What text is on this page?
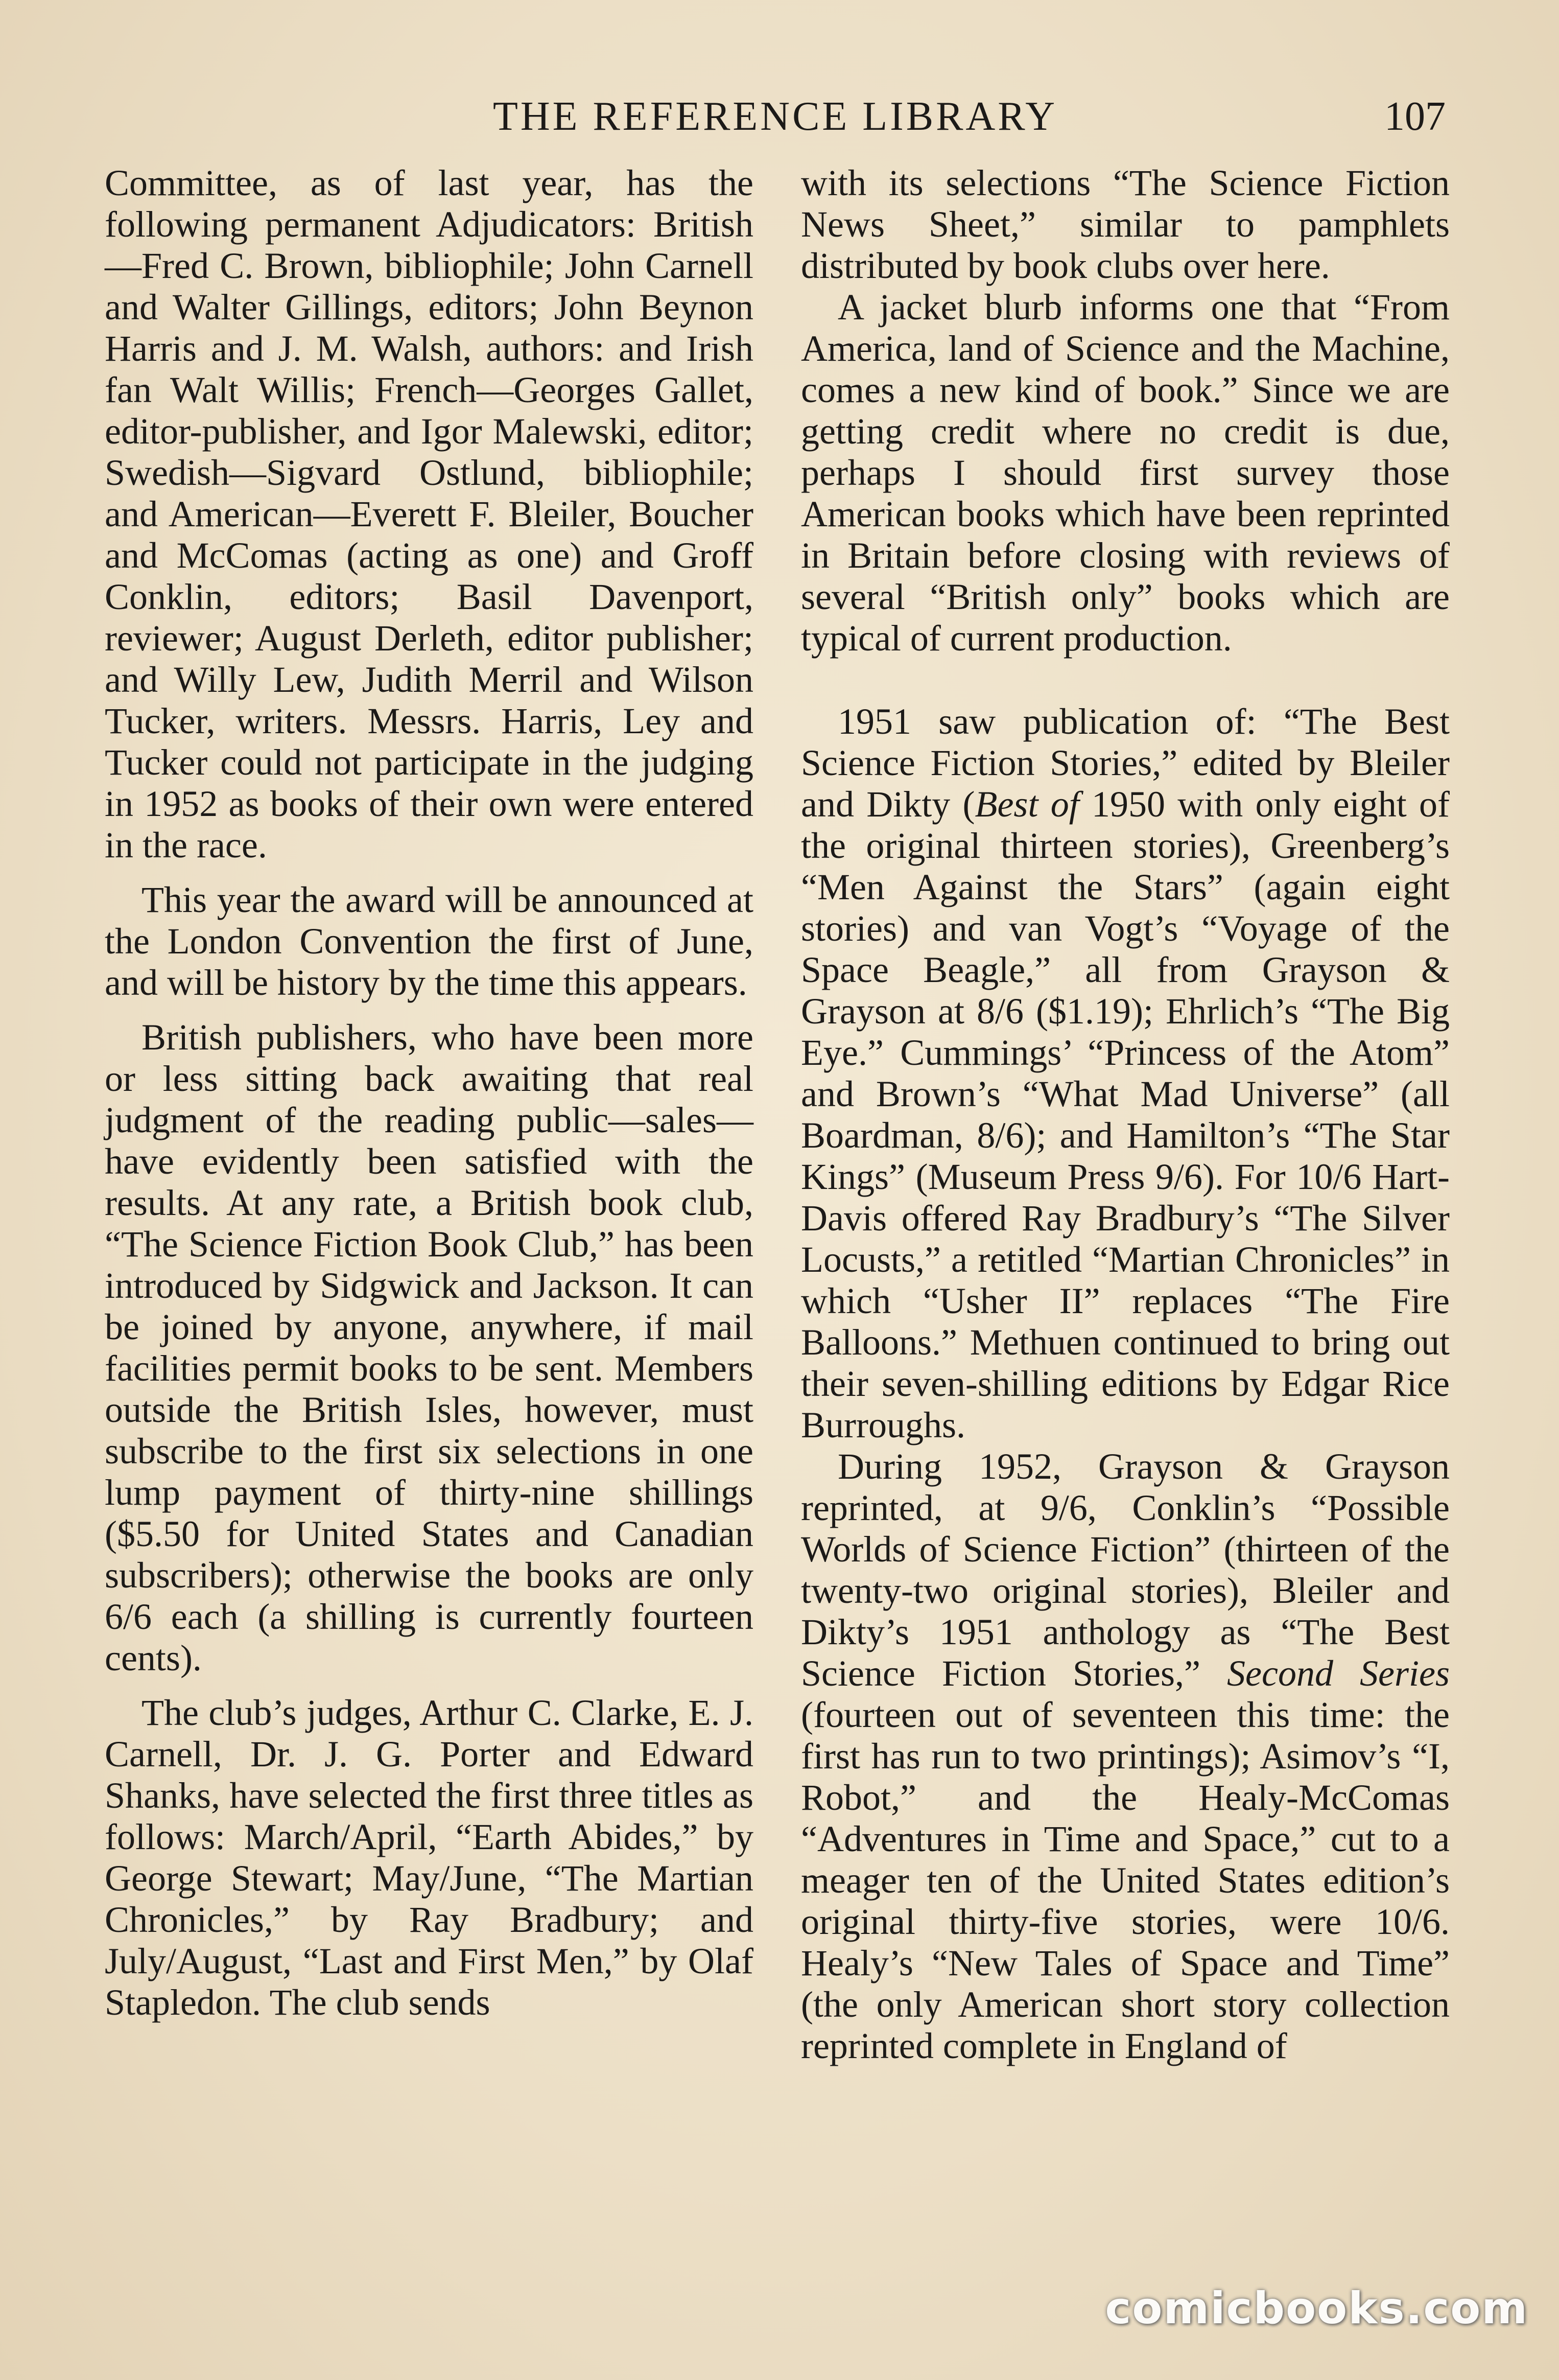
THE REFERENCE LIBRARY	107

Committee, as of last year, has the following permanent Adjudicators: British—Fred C. Brown, bibliophile; John Carnell and Walter Gillings, editors; John Beynon Harris and J. M. Walsh, authors: and Irish fan Walt Willis; French—Georges Gallet, editor-publisher, and Igor Malewski, editor; Swedish—Sigvard Ostlund, bibliophile; and American—Everett F. Bleiler, Boucher and McComas (acting as one) and Groff Conklin, editors; Basil Davenport, reviewer; August Derleth, editor publisher; and Willy Lew, Judith Merril and Wilson Tucker, writers. Messrs. Harris, Ley and Tucker could not participate in the judging in 1952 as books of their own were entered in the race.

This year the award will be announced at the London Convention the first of June, and will be history by the time this appears.

British publishers, who have been more or less sitting back awaiting that real judgment of the reading public—sales—have evidently been satisfied with the results. At any rate, a British book club, “The Science Fiction Book Club,” has been introduced by Sidgwick and Jackson. It can be joined by anyone, anywhere, if mail facilities permit books to be sent. Members outside the British Isles, however, must subscribe to the first six selections in one lump payment of thirty-nine shillings ($5.50 for United States and Canadian subscribers); otherwise the books are only 6/6 each (a shilling is currently fourteen cents).

The club’s judges, Arthur C. Clarke, E. J. Carnell, Dr. J. G. Porter and Edward Shanks, have selected the first three titles as follows: March/April, “Earth Abides,” by George Stewart; May/June, “The Martian Chronicles,” by Ray Bradbury; and July/August, “Last and First Men,” by Olaf Stapledon. The club sends

with its selections “The Science Fiction News Sheet,” similar to pamphlets distributed by book clubs over here.

A jacket blurb informs one that “From America, land of Science and the Machine, comes a new kind of book.” Since we are getting credit where no credit is due, perhaps I should first survey those American books which have been reprinted in Britain before closing with reviews of several “British only” books which are typical of current production.

1951 saw publication of: “The Best Science Fiction Stories,” edited by Bleiler and Dikty (Best of 1950 with only eight of the original thirteen stories), Greenberg’s “Men Against the Stars” (again eight stories) and van Vogt’s “Voyage of the Space Beagle,” all from Grayson & Grayson at 8/6 ($1.19); Ehrlich’s “The Big Eye.” Cummings’ “Princess of the Atom” and Brown’s “What Mad Universe” (all Boardman, 8/6); and Hamilton’s “The Star Kings” (Museum Press 9/6). For 10/6 Hart-Davis offered Ray Bradbury’s “The Silver Locusts,” a retitled “Martian Chronicles” in which “Usher II” replaces “The Fire Balloons.” Methuen continued to bring out their seven-shilling editions by Edgar Rice Burroughs.

During 1952, Grayson & Grayson reprinted, at 9/6, Conklin’s “Possible Worlds of Science Fiction” (thirteen of the twenty-two original stories), Bleiler and Dikty’s 1951 anthology as “The Best Science Fiction Stories,” Second Series (fourteen out of seventeen this time: the first has run to two printings); Asimov’s “I, Robot,” and the Healy-McComas “Adventures in Time and Space,” cut to a meager ten of the United States edition’s original thirty-five stories, were 10/6. Healy’s “New Tales of Space and Time” (the only American short story collection reprinted complete in England of

comicbooks.com
